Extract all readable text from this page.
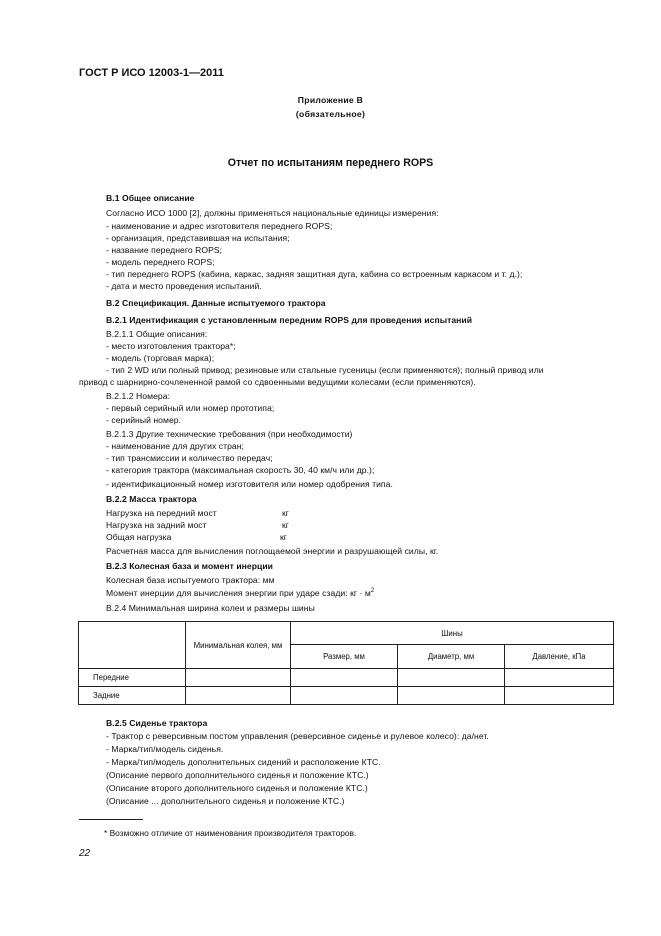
ГОСТ Р ИСО 12003-1—2011
Приложение В
(обязательное)
Отчет по испытаниям переднего ROPS
В.1 Общее описание
Согласно ИСО 1000 [2], должны применяться национальные единицы измерения:
- наименование и адрес изготовителя переднего ROPS;
- организация, представившая на испытания;
- название переднего ROPS;
- модель переднего ROPS;
- тип переднего ROPS (кабина, каркас, задняя защитная дуга, кабина со встроенным каркасом и т. д.);
- дата и место проведения испытаний.
В.2 Спецификация. Данные испытуемого трактора
В.2.1 Идентификация с установленным передним ROPS для проведения испытаний
В.2.1.1 Общие описания:
- место изготовления трактора*;
- модель (торговая марка);
- тип 2 WD или полный привод; резиновые или стальные гусеницы (если применяются); полный привод или
привод с шарнирно-сочлененной рамой со сдвоенными ведущими колесами (если применяются).
В.2.1.2 Номера:
- первый серийный или номер прототипа;
- серийный номер.
В.2.1.3 Другие технические требования (при необходимости)
- наименование для других стран;
- тип трансмиссии и количество передач;
- категория трактора (максимальная скорость 30, 40 км/ч или др.);
- идентификационный номер изготовителя или номер одобрения типа.
В.2.2 Масса трактора
Расчетная масса для вычисления поглощаемой энергии и разрушающей силы, кг.
В.2.3 Колесная база и момент инерции
Колесная база испытуемого трактора: мм
В.2.4 Минимальная ширина колеи и размеры шины
В.2.5 Сиденье трактора
- Трактор с реверсивным постом управления (реверсивное сиденье и рулевое колесо): да/нет.
- Марка/тип/модель сиденья.
- Марка/тип/модель дополнительных сидений и расположение КТС.
(Описание первого дополнительного сиденья и положение КТС.)
(Описание второго дополнительного сиденья и положение КТС.)
(Описание ... дополнительного сиденья и положение КТС.)
Нагрузка на передний мост	кг
Нагрузка на задний мост	кг
Общая нагрузка	кг
Момент инерции для вычисления энергии при ударе сзади: кг · $м^2$
	Минимальная колея, мм	Шины		
		Размер, мм	Диаметр, мм	Давление, кПа
Передние				
Задние				
* Возможно отличие от наименования производителя тракторов.
22
